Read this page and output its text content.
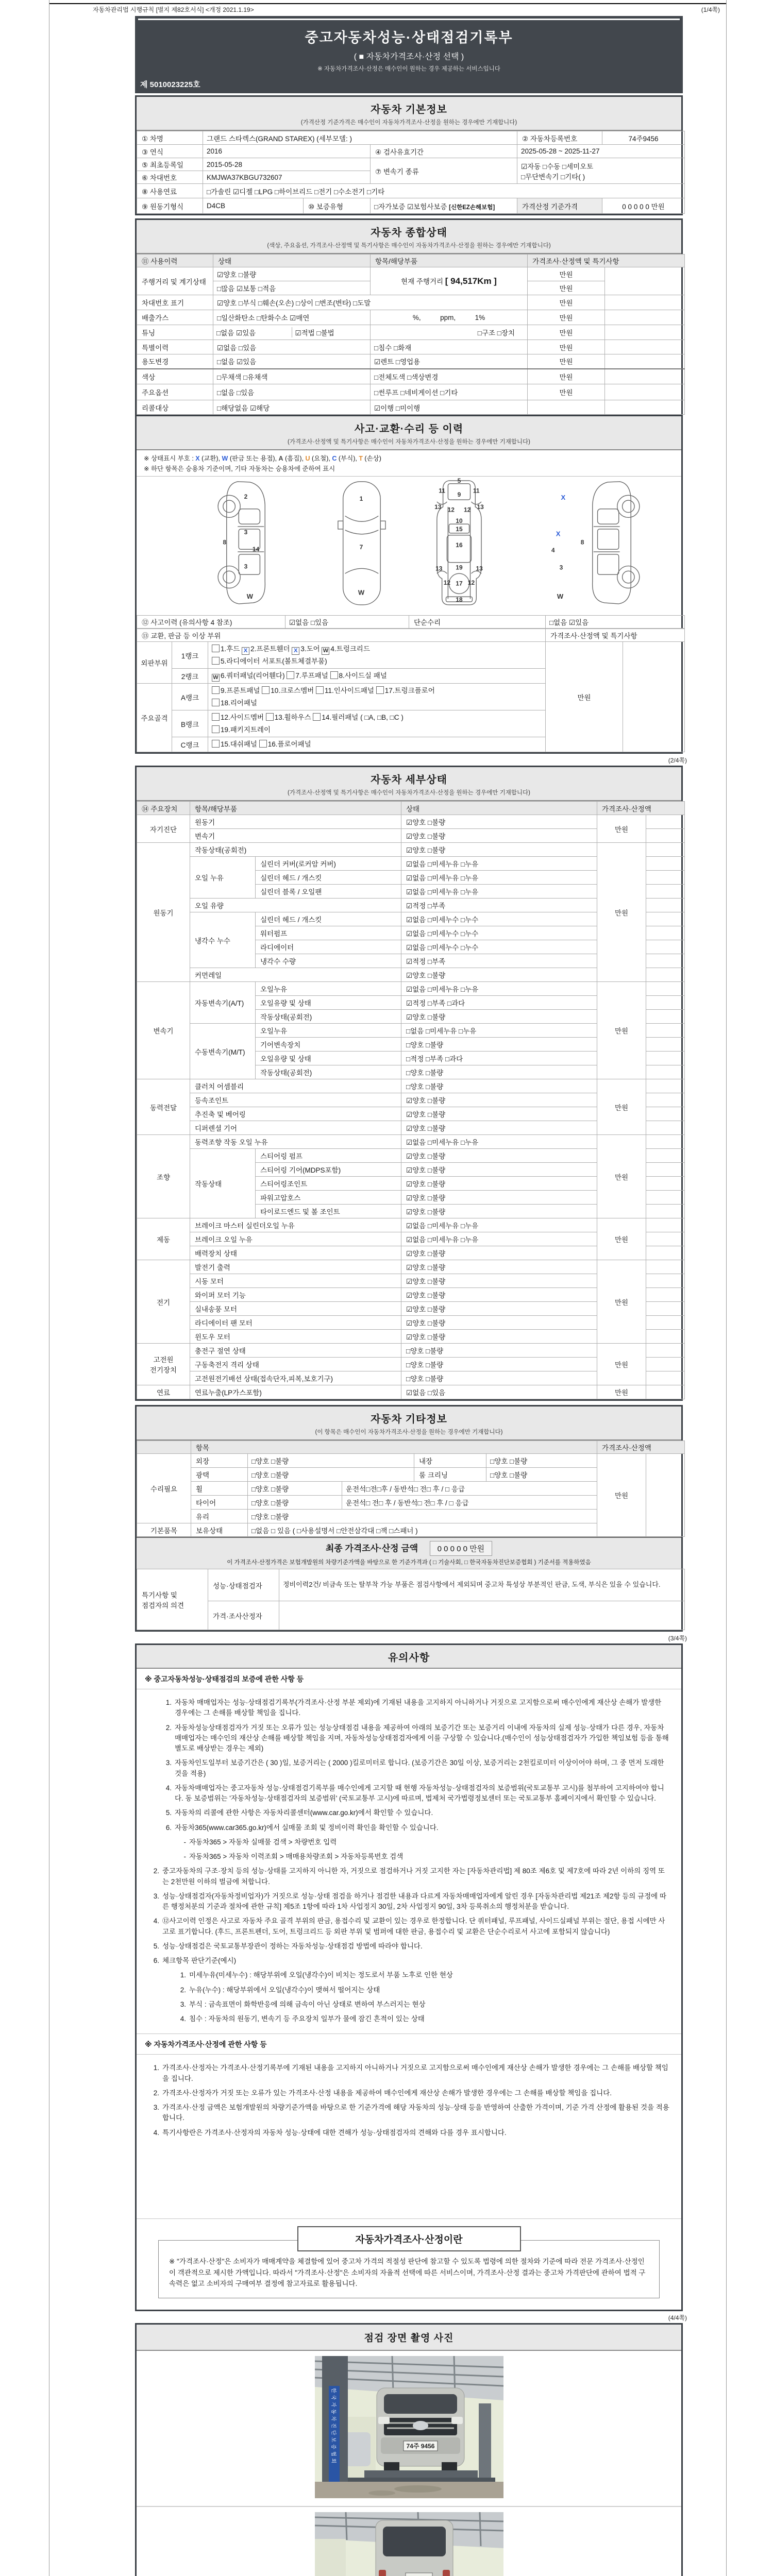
자동차관리법 시행규칙 [별지 제82호서식] <개정 2021.1.19>	(1/4쪽)
중고자동차성능·상태점검기록부
( ■ 자동차가격조사·산정 선택 )
※ 자동차가격조사·산정은 매수인이 원하는 경우 제공하는 서비스입니다
제 5010023225호
자동차 기본정보
(가격산정 기준가격은 매수인이 자동차가격조사·산정을 원하는 경우에만 기재합니다)
① 차명	그랜드 스타렉스(GRAND STAREX) (세부모델: )			② 자동차등록번호	74주9456
③ 연식	2016		④ 검사유효기간	2025-05-28 ~ 2025-11-27	
⑤ 최초등록일	2015-05-28		⑦ 변속기 종류	☑자동 □수동 □세미오토
□무단변속기 □기타( )	
⑥ 차대번호	KMJWA37KBGU732607				
⑧ 사용연료	□가솔린 ☑디젤 □LPG □하이브리드 □전기 □수소전기 □기타				
⑨ 원동기형식	D4CB	⑩ 보증유형	□자가보증 ☑보험사보증 [신한EZ손해보험]	가격산정 기준가격	0 0 0 0 0 만원
자동차 종합상태
(색상, 주요옵션, 가격조사·산정액 및 특기사항은 매수인이 자동차가격조사·산정을 원하는 경우에만 기재합니다)
⑪ 사용이력	상태	항목/해당부품	가격조사·산정액 및 특기사항	
주행거리 및 계기상태	☑양호 □불량	현재 주행거리 [ 94,517Km ]	만원	
	□많음 ☑보통 □적음		만원	
차대번호 표기	☑양호 □부식 □훼손(오손) □상이 □변조(변타) □도말		만원	
배출가스	□일산화탄소 □탄화수소 ☑매연	%,          ppm,          1%	만원	
튜닝	□없음 ☑있음 ☑적법 □불법	□구조 □장치	만원	
특별이력	☑없음 □있음	□침수 □화재	만원	
용도변경	□없음 ☑있음	☑렌트 □영업용	만원	
색상	□무채색 □유채색	□전체도색 □색상변경	만원	
주요옵션	□없음 □있음	□썬루프 □네비게이션 □기타	만원	
리콜대상	□해당없음 ☑해당	☑이행 □미이행		
사고·교환·수리 등 이력
(가격조사·산정액 및 특기사항은 매수인이 자동차가격조사·산정을 원하는 경우에만 기재합니다)
※ 상태표시 부호 : X (교환), W (판금 또는 용접), A (흠집), U (요철), C (부식), T (손상)
※ 하단 항목은 승용차 기준이며, 기타 자동차는 승용차에 준하여 표시
2
8
3
14
3
W
1
7
W
5
11
9
11
13 12 12 13
10
15
16
13 19 13
12 17 12
18
X
X
8
4
3
W
⑫ 사고이력 (유의사항 4 참조)	☑없음 □있음	단순수리	□없음 ☑있음
⑬ 교환, 판금 등 이상 부위			가격조사·산정액 및 특기사항	
외판부위	1랭크	1.후드 X 2.프론트휀더 X 3.도어 W 4.트렁크리드
5.라디에이터 서포트(볼트체결부품)	만원	
	2랭크	W 6.쿼터패널(리어휀다) 7.루프패널 8.사이드실 패널		
주요골격	A랭크	9.프론트패널 10.크로스멤버 11.인사이드패널 17.트렁크플로어
18.리어패널		
	B랭크	12.사이드멤버 13.휠하우스 14.필러패널 ( □A, □B, □C )
19.패키지트레이		
	C랭크	15.대쉬패널 16.플로어패널		
(2/4쪽)
자동차 세부상태
(가격조사·산정액 및 특기사항은 매수인이 자동차가격조사·산정을 원하는 경우에만 기재합니다)
⑭ 주요장치	항목/해당부품		상태	가격조사·산정액	
자기진단	원동기		☑양호 □불량	만원	
	변속기		☑양호 □불량		
원동기	작동상태(공회전)		☑양호 □불량	만원	
	오일 누유	실린더 커버(로커암 커버)	☑없음 □미세누유 □누유		
		실린더 헤드 / 개스킷	☑없음 □미세누유 □누유		
		실린더 블록 / 오일팬	☑없음 □미세누유 □누유		
	오일 유량		☑적정 □부족		
	냉각수 누수	실린더 헤드 / 개스킷	☑없음 □미세누수 □누수		
		워터펌프	☑없음 □미세누수 □누수		
		라디에이터	☑없음 □미세누수 □누수		
		냉각수 수량	☑적정 □부족		
	커먼레일		☑양호 □불량		
변속기	자동변속기(A/T)	오일누유	☑없음 □미세누유 □누유	만원	
		오일유량 및 상태	☑적정 □부족 □과다		
		작동상태(공회전)	☑양호 □불량		
	수동변속기(M/T)	오일누유	□없음 □미세누유 □누유		
		기어변속장치	□양호 □불량		
		오일유량 및 상태	□적정 □부족 □과다		
		작동상태(공회전)	□양호 □불량		
동력전달	클러치 어셈블리		□양호 □불량	만원	
	등속조인트		☑양호 □불량		
	추진축 및 베어링		☑양호 □불량		
	디퍼렌셜 기어		☑양호 □불량		
조향	동력조향 작동 오일 누유		☑없음 □미세누유 □누유	만원	
	작동상태	스티어링 펌프	☑양호 □불량		
		스티어링 기어(MDPS포함)	☑양호 □불량		
		스티어링조인트	☑양호 □불량		
		파워고압호스	☑양호 □불량		
		타이로드엔드 및 볼 조인트	☑양호 □불량		
제동	브레이크 마스터 실린더오일 누유		☑없음 □미세누유 □누유	만원	
	브레이크 오일 누유		☑없음 □미세누유 □누유		
	배력장치 상태		☑양호 □불량		
전기	발전기 출력		☑양호 □불량	만원	
	시동 모터		☑양호 □불량		
	와이퍼 모터 기능		☑양호 □불량		
	실내송풍 모터		☑양호 □불량		
	라디에이터 팬 모터		☑양호 □불량		
	윈도우 모터		☑양호 □불량		
고전원 전기장치	충전구 절연 상태		□양호 □불량	만원	
	구동축전지 격리 상태		□양호 □불량		
	고전원전기배선 상태(접속단자,피복,보호기구)		□양호 □불량		
연료	연료누출(LP가스포함)		☑없음 □있음	만원	
자동차 기타정보
(이 항목은 매수인이 자동차가격조사·산정을 원하는 경우에만 기재합니다)
	항목					가격조사·산정액	
수리필요	외장	□양호 □불량		내장	□양호 □불량	만원	
	광택	□양호 □불량		룸 크리닝	□양호 □불량		
	휠	□양호 □불량	운전석□전□후 / 동반석□ 전□ 후 / □ 응급				
	타이어	□양호 □불량	운전석□ 전□ 후 / 동반석□ 전□ 후 / □ 응급				
	유리	□양호 □불량					
기본품목	보유상태	□없음 □ 있음 ( □사용설명서 □안전삼각대 □잭 □스패너 )					
최종 가격조사·산정 금액 0 0 0 0 0 만원
이 가격조사·산정가격은 보험개발원의 차량기준가액을 바탕으로 한 기준가격과 ( □ 기술사회, □ 한국자동차진단보증협회 ) 기준서를 적용하였음
특기사항 및 점검자의 의견	성능·상태점검자	정비이력2건/ 비금속 또는 탈부착 가능 부품은 점검사항에서 제외되며 중고차 특성상 부분적인 판금, 도색, 부식은 있을 수 있습니다.
	가격·조사산정자	
(3/4쪽)
유의사항
※ 중고자동차성능·상태점검의 보증에 관한 사항 등
1. 자동차 매매업자는 성능·상태점검기록부(가격조사·산정 부분 제외)에 기재된 내용을 고지하지 아니하거나 거짓으로 고지함으로써 매수인에게 재산상 손해가 발생한 경우에는 그 손해를 배상할 책임을 집니다.
2. 자동차성능상태점검자가 거짓 또는 오류가 있는 성능상태점검 내용을 제공하여 아래의 보증기간 또는 보증거리 이내에 자동차의 실제 성능·상태가 다른 경우, 자동차매매업자는 매수인의 재산상 손해를 배상할 책임을 지며, 자동차성능상태점검자에게 이를 구상할 수 있습니다.(매수인이 성능상태점검자가 가입한 책임보험 등을 통해 별도로 배상받는 경우는 제외)
3. 자동차인도일부터 보증기간은 ( 30 )일, 보증거리는 ( 2000 )킬로미터로 합니다. (보증기간은 30일 이상, 보증거리는 2천킬로미터 이상이어야 하며, 그 중 먼저 도래한 것을 적용)
4. 자동차매매업자는 중고자동차 성능·상태점검기록부를 매수인에게 고지할 때 현행 자동차성능·상태점검자의 보증범위(국토교통부 고시)를 첨부하여 고지하여야 합니다. 동 보증범위는 '자동차성능·상태점검자의 보증범위' (국토교통부 고시)에 따르며, 법제처 국가법령정보센터 또는 국토교통부 홈페이지에서 확인할 수 있습니다.
5. 자동차의 리콜에 관한 사항은 자동차리콜센터(www.car.go.kr)에서 확인할 수 있습니다.
6. 자동차365(www.car365.go.kr)에서 실매물 조회 및 정비이력 확인을 확인할 수 있습니다.
- 자동차365 > 자동차 실매물 검색 > 차량번호 입력
- 자동차365 > 자동차 이력조회 > 매매용차량조회 > 자동차등록번호 검색
2. 중고자동차의 구조·장치 등의 성능·상태를 고지하지 아니한 자, 거짓으로 점검하거나 거짓 고지한 자는 [자동차관리법] 제 80조 제6호 및 제7호에 따라 2년 이하의 징역 또는 2천만원 이하의 벌금에 처합니다.
3. 성능·상태점검자(자동차정비업자)가 거짓으로 성능·상태 점검을 하거나 점검한 내용과 다르게 자동차매매업자에게 알린 경우 [자동차관리법 제21조 제2항 등의 규정에 따른 행정처분의 기준과 절차에 관한 규칙] 제5조 1항에 따라 1차 사업정지 30일, 2차 사업정지 90일, 3차 등록취소의 행정처분을 받습니다.
4. ⑫사고이력 인정은 사고로 자동차 주요 골격 부위의 판금, 용접수리 및 교환이 있는 경우로 한정합니다. 단 쿼터패널, 루프패널, 사이드실패널 부위는 절단, 용접 시에만 사고로 표기합니다. (후드, 프론트펜더, 도어, 트렁크리드 등 외판 부위 및 범퍼에 대한 판금, 용접수리 및 교환은 단순수리로서 사고에 포함되지 않습니다)
5. 성능·상태점검은 국토교통부장관이 정하는 자동차성능·상태점검 방법에 따라야 합니다.
6. 체크항목 판단기준(예시)
1. 미세누유(미세누수) : 해당부위에 오일(냉각수)이 비치는 정도로서 부품 노후로 인한 현상
2. 누유(누수) : 해당부위에서 오일(냉각수)이 맺혀서 떨어지는 상태
3. 부식 : 금속표면이 화학반응에 의해 금속이 아닌 상태로 변하여 부스러지는 현상
4. 침수 : 자동차의 원동기, 변속기 등 주요장치 일부가 물에 잠긴 흔적이 있는 상태
※ 자동차가격조사·산정에 관한 사항 등
1. 가격조사·산정자는 가격조사·산정기록부에 기재된 내용을 고지하지 아니하거나 거짓으로 고지함으로써 매수인에게 재산상 손해가 발생한 경우에는 그 손해를 배상할 책임을 집니다.
2. 가격조사·산정자가 거짓 또는 오류가 있는 가격조사·산정 내용을 제공하여 매수인에게 재산상 손해가 발생한 경우에는 그 손해를 배상할 책임을 집니다.
3. 가격조사·산정 금액은 보험개발원의 차량기준가액을 바탕으로 한 기준가격에 해당 자동차의 성능·상태 등을 반영하여 산출한 가격이며, 기준 가격 산정에 활용된 것을 적용합니다.
4. 특기사항란은 가격조사·산정자의 자동차 성능·상태에 대한 견해가 성능·상태점검자의 견해와 다를 경우 표시합니다.
자동차가격조사·산정이란
※ "가격조사·산정"은 소비자가 매매계약을 체결함에 있어 중고차 가격의 적절성 판단에 참고할 수 있도록 법령에 의한 절차와 기준에 따라 전문 가격조사·산정인이 객관적으로 제시한 가액입니다. 따라서 "가격조사·산정"은 소비자의 자율적 선택에 따른 서비스이며, 가격조사·산정 결과는 중고차 가격판단에 관하여 법적 구속력은 없고 소비자의 구매여부 결정에 참고자료로 활용됩니다.
(4/4쪽)
점검 장면 촬영 사진
한국자동차진단보증협회	74주 9456
